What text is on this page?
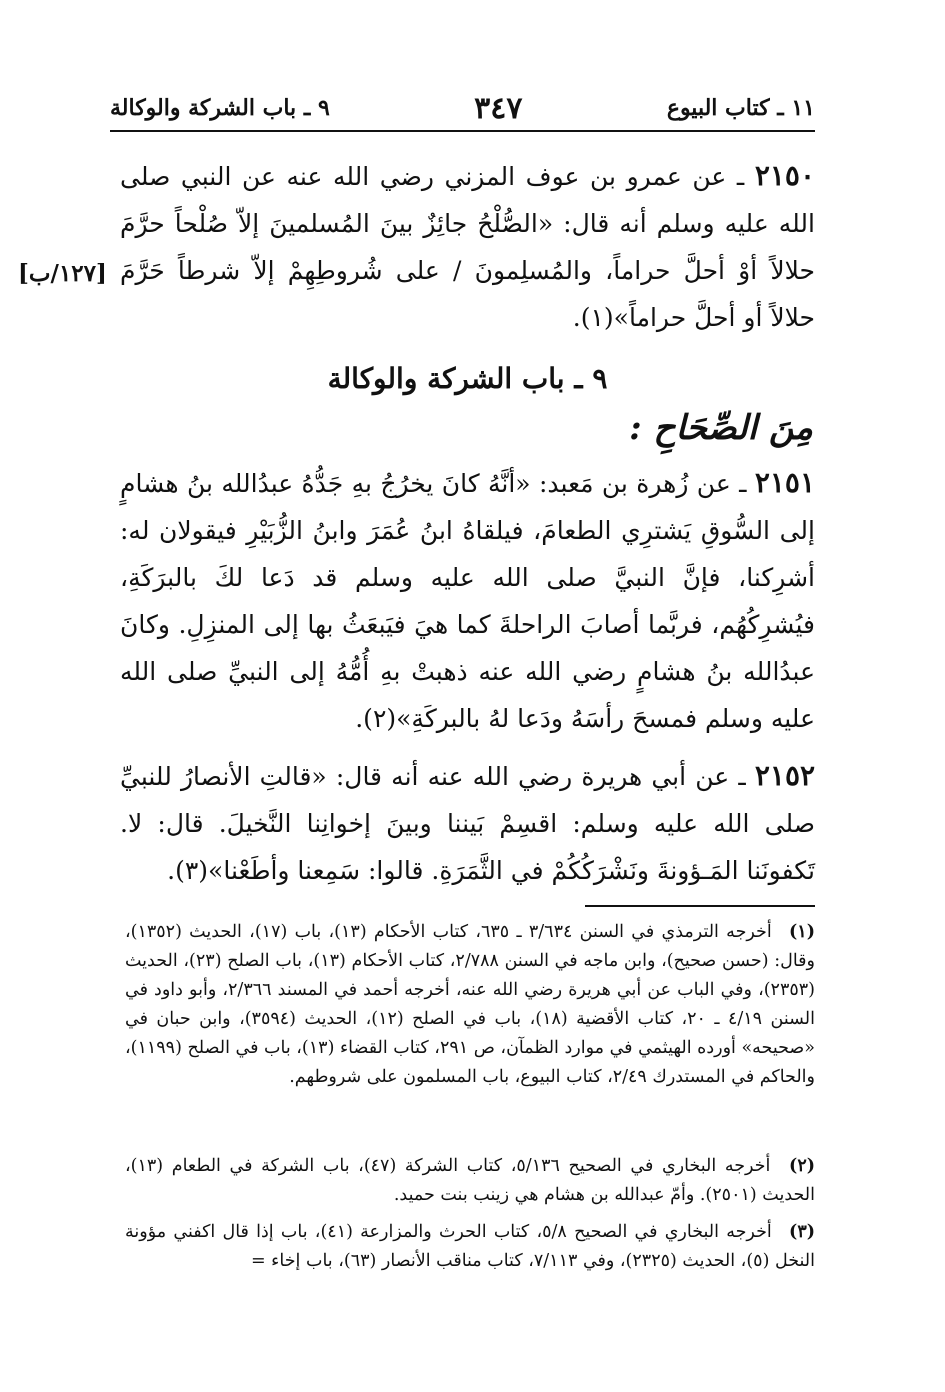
١١ ـ كتاب البيوع
٣٤٧
٩ ـ باب الشركة والوكالة
[١٢٧/ب]
٢١٥٠ ـ عن عمرو بن عوف المزني رضي الله عنه عن النبي صلى الله عليه وسلم أنه قال: «الصُّلْحُ جائِزٌ بينَ المُسلمينَ إلاّ صُلْحاً حرَّمَ حلالاً أوْ أحلَّ حراماً، والمُسلِمونَ / على شُروطِهِمْ إلاّ شرطاً حَرَّمَ حلالاً أو أحلَّ حراماً»(١).
٩ ـ باب الشركة والوكالة
مِنَ الصِّحَاحِ :
٢١٥١ ـ عن زُهرة بن مَعبد: «أنَّهُ كانَ يخرُجُ بهِ جَدُّهُ عبدُالله بنُ هشامٍ إلى السُّوقِ يَشترِي الطعامَ، فيلقاهُ ابنُ عُمَرَ وابنُ الزُّبَيْرِ فيقولان له: أشرِكنا، فإنَّ النبيَّ صلى الله عليه وسلم قد دَعا لكَ بالبرَكَةِ، فيُشرِكُهُم، فربَّما أصابَ الراحلةَ كما هيَ فيَبعَثُ بها إلى المنزِلِ. وكانَ عبدُالله بنُ هشامٍ رضي الله عنه ذهبتْ بهِ أُمُّهُ إلى النبيِّ صلى الله عليه وسلم فمسحَ رأسَهُ ودَعا لهُ بالبركَةِ»(٢).
٢١٥٢ ـ عن أبي هريرة رضي الله عنه أنه قال: «قالتِ الأنصارُ للنبيِّ صلى الله عليه وسلم: اقسِمْ بَيننا وبينَ إخوانِنا النَّخيلَ. قال: لا. تَكفونَنا المَـؤونةَ ونَشْرَكُكُمْ في الثَّمَرَةِ. قالوا: سَمِعنا وأطَعْنا»(٣).
(١) أخرجه الترمذي في السنن ٣/٦٣٤ ـ ٦٣٥، كتاب الأحكام (١٣)، باب (١٧)، الحديث (١٣٥٢)، وقال: (حسن صحيح)، وابن ماجه في السنن ٢/٧٨٨، كتاب الأحكام (١٣)، باب الصلح (٢٣)، الحديث (٢٣٥٣)، وفي الباب عن أبي هريرة رضي الله عنه، أخرجه أحمد في المسند ٢/٣٦٦، وأبو داود في السنن ٤/١٩ ـ ٢٠، كتاب الأقضية (١٨)، باب في الصلح (١٢)، الحديث (٣٥٩٤)، وابن حبان في «صحيحه» أورده الهيثمي في موارد الظمآن، ص ٢٩١، كتاب القضاء (١٣)، باب في الصلح (١١٩٩)، والحاكم في المستدرك ٢/٤٩، كتاب البيوع، باب المسلمون على شروطهم.
(٢) أخرجه البخاري في الصحيح ٥/١٣٦، كتاب الشركة (٤٧)، باب الشركة في الطعام (١٣)، الحديث (٢٥٠١). وأمّ عبدالله بن هشام هي زينب بنت حميد.
(٣) أخرجه البخاري في الصحيح ٥/٨، كتاب الحرث والمزارعة (٤١)، باب إذا قال اكفني مؤونة النخل (٥)، الحديث (٢٣٢٥)، وفي ٧/١١٣، كتاب مناقب الأنصار (٦٣)، باب إخاء =
